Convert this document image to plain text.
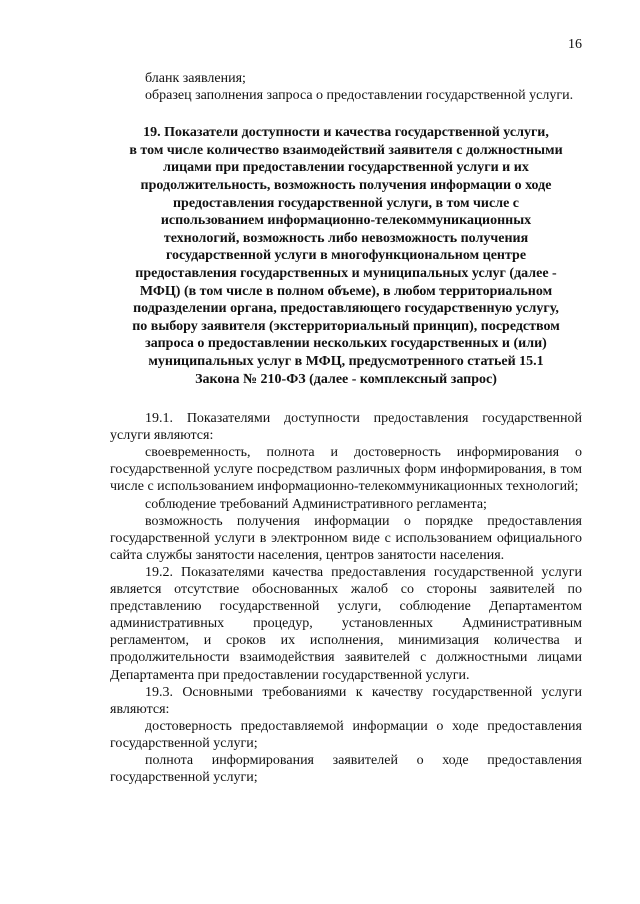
16

бланк заявления;

образец заполнения запроса о предоставлении государственной услуги.

19. Показатели доступности и качества государственной услуги,
в том числе количество взаимодействий заявителя с должностными
лицами при предоставлении государственной услуги и их
продолжительность, возможность получения информации о ходе
предоставления государственной услуги, в том числе с
использованием информационно-телекоммуникационных
технологий, возможность либо невозможность получения
государственной услуги в многофункциональном центре
предоставления государственных и муниципальных услуг (далее -
МФЦ) (в том числе в полном объеме), в любом территориальном
подразделении органа, предоставляющего государственную услугу,
по выбору заявителя (экстерриториальный принцип), посредством
запроса о предоставлении нескольких государственных и (или)
муниципальных услуг в МФЦ, предусмотренного статьей 15.1
Закона № 210-ФЗ (далее - комплексный запрос)

19.1. Показателями доступности предоставления государственной услуги являются:

своевременность, полнота и достоверность информирования о государственной услуге посредством различных форм информирования, в том числе с использованием информационно-телекоммуникационных технологий;

соблюдение требований Административного регламента;

возможность получения информации о порядке предоставления государственной услуги в электронном виде с использованием официального сайта службы занятости населения, центров занятости населения.

19.2. Показателями качества предоставления государственной услуги является отсутствие обоснованных жалоб со стороны заявителей по представлению государственной услуги, соблюдение Департаментом административных процедур, установленных Административным регламентом, и сроков их исполнения, минимизация количества и продолжительности взаимодействия заявителей с должностными лицами Департамента при предоставлении государственной услуги.

19.3. Основными требованиями к качеству государственной услуги являются:

достоверность предоставляемой информации о ходе предоставления государственной услуги;

полнота информирования заявителей о ходе предоставления государственной услуги;
